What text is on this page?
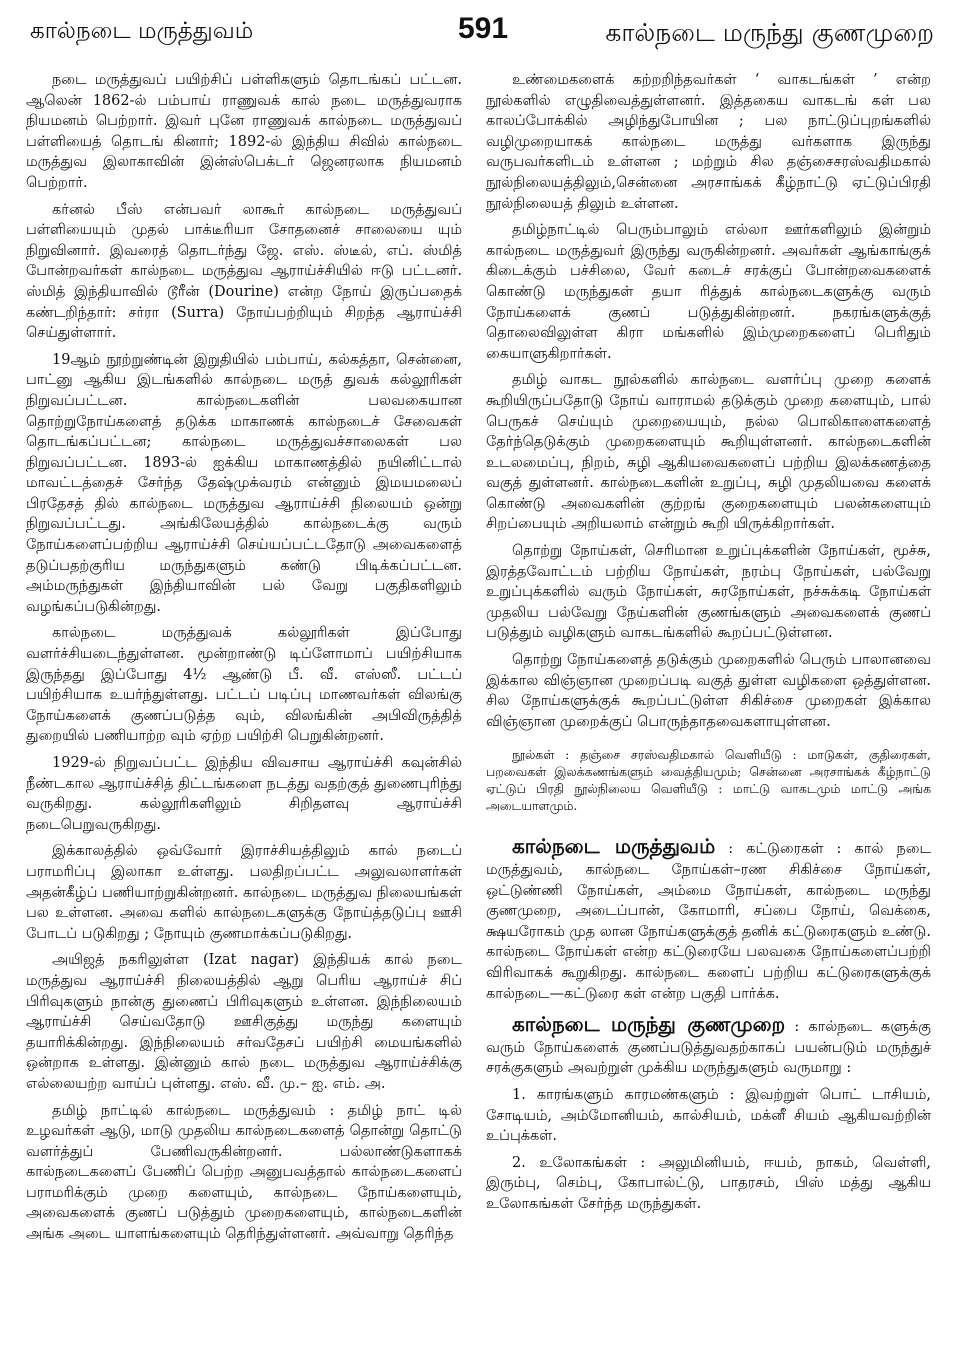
கால்நடை மருத்துவம்	591	கால்நடை மருந்து குணமுறை

நடை மருத்துவப் பயிற்சிப் பள்ளிகளும் தொடங்கப் பட்டன. ஆலென் 1862-ல் பம்பாய் ராணுவக் கால் நடை மருத்துவராக நியமனம் பெற்றார். இவர் புனே ராணுவக் கால்நடை மருத்துவப் பள்ளியைத் தொடங் கினார்; 1892-ல் இந்திய சிவில் கால்நடை மருத்துவ இலாகாவின் இன்ஸ்பெக்டர் ஜெனரலாக நியமனம் பெற்றார்.

கர்னல் பீஸ் என்பவர் லாகூர் கால்நடை மருத்துவப் பள்ளியையும் முதல் பாக்டீரியா சோதனைச் சாலையை யும் நிறுவினார். இவரைத் தொடர்ந்து ஜே. எஸ். ஸ்டீல், எப். ஸ்மித் போன்றவர்கள் கால்நடை மருத்துவ ஆராய்ச்சியில் ஈடு பட்டனர். ஸ்மித் இந்தியாவில் டூரீன் (Dourine) என்ற நோய் இருப்பதைக் கண்டறிந்தார்: சர்ரா (Surra) நோய்பற்றியும் சிறந்த ஆராய்ச்சி செய்துள்ளார்.

19ஆம் நூற்றுண்டின் இறுதியில் பம்பாய், கல்கத்தா, சென்னை, பாட்னு ஆகிய இடங்களில் கால்நடை மருத் துவக் கல்லூரிகள் நிறுவப்பட்டன. கால்நடைகளின் பலவகையான தொற்றுநோய்களைத் தடுக்க மாகாணக் கால்நடைச் சேவைகள் தொடங்கப்பட்டன; கால்நடை மருத்துவச்சாலைகள் பல நிறுவப்பட்டன. 1893-ல் ஐக்கிய மாகாணத்தில் நயினிட்டால் மாவட்டத்தைச் சேர்ந்த தேஷ்முக்வரம் என்னும் இமயமலைப் பிரதேசத் தில் கால்நடை மருத்துவ ஆராய்ச்சி நிலையம் ஒன்று நிறுவப்பட்டது. அங்கிலேயத்தில் கால்நடைக்கு வரும் நோய்களைப்பற்றிய ஆராய்ச்சி செய்யப்பட்டதோடு அவைகளைத் தடுப்பதற்குரிய மருந்துகளும் கண்டு பிடிக்கப்பட்டன. அம்மருந்துகள் இந்தியாவின் பல் வேறு பகுதிகளிலும் வழங்கப்படுகின்றது.

கால்நடை மருத்துவக் கல்லூரிகள் இப்போது வளர்ச்சியடைந்துள்ளன. மூன்றாண்டு டிப்ளோமாப் பயிற்சியாக இருந்தது இப்போது 4½ ஆண்டு பீ. வீ. எஸ்ஸீ. பட்டப் பயிற்சியாக உயர்ந்துள்ளது. பட்டப் படிப்பு மாணவர்கள் விலங்கு நோய்களைக் குணப்படுத்த வும், விலங்கின் அபிவிருத்தித் துறையில் பணியாற்ற வும் ஏற்ற பயிற்சி பெறுகின்றனர்.

1929-ல் நிறுவப்பட்ட இந்திய விவசாய ஆராய்ச்சி கவுன்சில் நீண்டகால ஆராய்ச்சித் திட்டங்களை நடத்து வதற்குத் துணைபுரிந்து வருகிறது. கல்லூரிகளிலும் சிறிதளவு ஆராய்ச்சி நடைபெறுவருகிறது.

இக்காலத்தில் ஒவ்வோர் இராச்சியத்திலும் கால் நடைப் பராமரிப்பு இலாகா உள்ளது. பலதிறப்பட்ட அலுவலாளர்கள் அதன்கீழ்ப் பணியாற்றுகின்றனர். கால்நடை மருத்துவ நிலையங்கள் பல உள்ளன. அவை களில் கால்நடைகளுக்கு நோய்த்தடுப்பு ஊசி போடப் படுகிறது ; நோயும் குணமாக்கப்படுகிறது.

அயிஜத் நகரிலுள்ள (Izat nagar) இந்தியக் கால் நடை மருத்துவ ஆராய்ச்சி நிலையத்தில் ஆறு பெரிய ஆராய்ச் சிப் பிரிவுகளும் நான்கு துணைப் பிரிவுகளும் உள்ளன. இந்நிலையம் ஆராய்ச்சி செய்வதோடு ஊசிகுத்து மருந்து களையும் தயாரிக்கின்றது. இந்நிலையம் சர்வதேசப் பயிற்சி மையங்களில் ஒன்றாக உள்ளது. இன்னும் கால் நடை மருத்துவ ஆராய்ச்சிக்கு எல்லையற்ற வாய்ப் புள்ளது. எஸ். வீ. மு.– ஐ. எம். அ.

தமிழ் நாட்டில் கால்நடை மருத்துவம் : தமிழ் நாட் டில் உழவர்கள் ஆடு, மாடு முதலிய கால்நடைகளைத் தொன்று தொட்டு வளர்த்துப் பேணிவருகின்றனர். பல்லாண்டுகளாகக் கால்நடைகளைப் பேணிப் பெற்ற அனுபவத்தால் கால்நடைகளைப் பராமரிக்கும் முறை களையும், கால்நடை நோய்களையும், அவைகளைக் குணப் படுத்தும் முறைகளையும், கால்நடைகளின் அங்க அடை யாளங்களையும் தெரிந்துள்ளனர். அவ்வாறு தெரிந்த

உண்மைகளைக் கற்றறிந்தவர்கள் ‘ வாகடங்கள் ’ என்ற நூல்களில் எழுதிவைத்துள்ளனர். இத்தகைய வாகடங் கள் பல காலப்போக்கில் அழிந்துபோயின ; பல நாட்டுப்புறங்களில் வழிமுறையாகக் கால்நடை மருத்து வர்களாக இருந்து வருபவர்களிடம் உள்ளன ; மற்றும் சில தஞ்சைசரஸ்வதிமகால் நூல்நிலையத்திலும்,சென்னை அரசாங்கக் கீழ்நாட்டு ஏட்டுப்பிரதி நூல்நிலையத் திலும் உள்ளன.

தமிழ்நாட்டில் பெரும்பாலும் எல்லா ஊர்களிலும் இன்றும் கால்நடை மருத்துவர் இருந்து வருகின்றனர். அவர்கள் ஆங்காங்குக் கிடைக்கும் பச்சிலை, வேர் கடைச் சரக்குப் போன்றவைகளைக் கொண்டு மருந்துகள் தயா ரித்துக் கால்நடைகளுக்கு வரும் நோய்களைக் குணப் படுத்துகின்றனர். நகரங்களுக்குத் தொலைவிலுள்ள கிரா மங்களில் இம்முறைகளைப் பெரிதும் கையாளுகிறார்கள்.

தமிழ் வாகட நூல்களில் கால்நடை வளர்ப்பு முறை களைக் கூறியிருப்பதோடு நோய் வாராமல் தடுக்கும் முறை களையும், பால் பெருகச் செய்யும் முறையையும், நல்ல பொலிகாளைகளைத் தேர்ந்தெடுக்கும் முறைகளையும் கூறியுள்ளனர். கால்நடைகளின் உடலமைப்பு, நிறம், சுழி ஆகியவைகளைப் பற்றிய இலக்கணத்தை வகுத் துள்ளனர். கால்நடைகளின் உறுப்பு, சுழி முதலியவை களைக் கொண்டு அவைகளின் குற்றங் குறைகளையும் பலன்களையும் சிறப்பையும் அறியலாம் என்றும் கூறி யிருக்கிறார்கள்.

தொற்று நோய்கள், செரிமான உறுப்புக்களின் நோய்கள், மூச்சு, இரத்தவோட்டம் பற்றிய நோய்கள், நரம்பு நோய்கள், பல்வேறு உறுப்புக்களில் வரும் நோய்கள், சுரநோய்கள், நச்சுக்கடி நோய்கள் முதலிய பல்வேறு நேய்களின் குணங்களும் அவைகளைக் குணப் படுத்தும் வழிகளும் வாகடங்களில் கூறப்பட்டுள்ளன.

தொற்று நோய்களைத் தடுக்கும் முறைகளில் பெரும் பாலானவை இக்கால விஞ்ஞான முறைப்படி வகுத் துள்ள வழிகளை ஒத்துள்ளன. சில நோய்களுக்குக் கூறப்பட்டுள்ள சிகிச்சை முறைகள் இக்கால விஞ்ஞான முறைக்குப் பொருந்தாதவைகளாயுள்ளன.

நூல்கள் : தஞ்சை சரஸ்வதிமகால் வெளியீடு : மாடுகள், குதிரைகள், பறவைகள் இலக்கணங்களும் வைத்தியமும்; சென்னை அரசாங்கக் கீழ்நாட்டு ஏட்டுப் பிரதி நூல்நிலைய வெளியீடு : மாட்டு வாகடமும் மாட்டு அங்க அடையாளமும்.

கால்நடை மருத்துவம் : கட்டுரைகள் : கால் நடை மருத்துவம், கால்நடை நோய்கள்–ரண சிகிச்சை நோய்கள், ஒட்டுண்ணி நோய்கள், அம்மை நோய்கள், கால்நடை மருந்து குணமுறை, அடைப்பான், கோமாரி, சப்பை நோய், வெக்கை, க்ஷயரோகம் முத லான நோய்களுக்குத் தனிக் கட்டுரைகளும் உண்டு. கால்நடை நோய்கள் என்ற கட்டுரையே பலவகை நோய்களைப்பற்றி விரிவாகக் கூறுகிறது. கால்நடை களைப் பற்றிய கட்டுரைகளுக்குக் கால்நடை—கட்டுரை கள் என்ற பகுதி பார்க்க.

கால்நடை மருந்து குணமுறை : கால்நடை களுக்கு வரும் நோய்களைக் குணப்படுத்துவதற்காகப் பயன்படும் மருந்துச் சரக்குகளும் அவற்றுள் முக்கிய மருந்துகளும் வருமாறு :

1. காரங்களும் காரமண்களும் : இவற்றுள் பொட் டாசியம், சோடியம், அம்மோனியம், கால்சியம், மக்னீ சியம் ஆகியவற்றின் உப்புக்கள்.

2. உலோகங்கள் : அலுமினியம், ஈயம், நாகம், வெள்ளி, இரும்பு, செம்பு, கோபால்ட்டு, பாதரசம், பிஸ் மத்து ஆகிய உலோகங்கள் சேர்ந்த மருந்துகள்.
